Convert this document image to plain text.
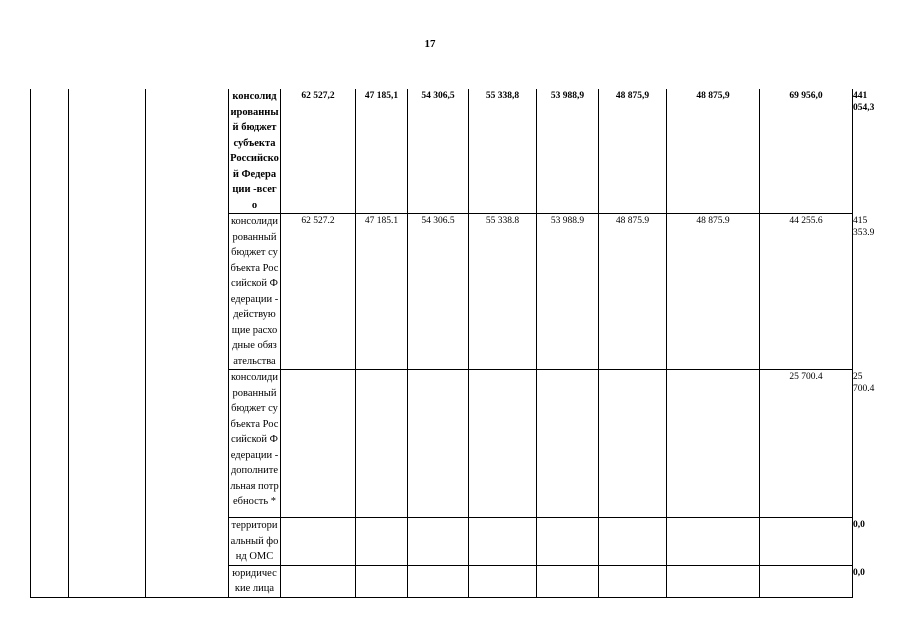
17
			консолидированный бюджет субъекта Российской Федерации -всего	62 527,2	47 185,1	54 306,5	55 338,8	53 988,9	48 875,9	48 875,9	69 956,0	441 054,3
			консолидированный бюджет субъекта Российской Федерации - действующие расходные обязательства	62 527.2	47 185.1	54 306.5	55 338.8	53 988.9	48 875.9	48 875.9	44 255.6	415 353.9
			консолидированный бюджет субъекта Российской Федерации - дополнительная потребность *								25 700.4	25 700.4
			территориальный фонд ОМС									0,0
			юридические лица									0,0
